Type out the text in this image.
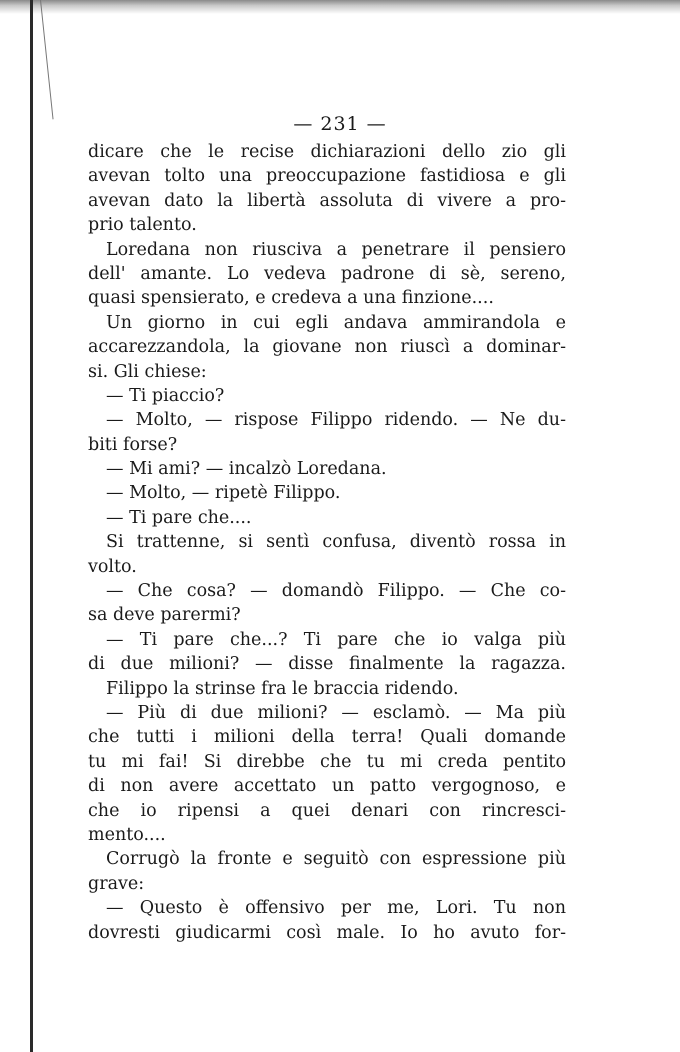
— 231 —
dicare che le recise dichiarazioni dello zio gli
avevan tolto una preoccupazione fastidiosa e gli
avevan dato la libertà assoluta di vivere a pro-
prio talento.
Loredana non riusciva a penetrare il pensiero
dell' amante. Lo vedeva padrone di sè, sereno,
quasi spensierato, e credeva a una finzione....
Un giorno in cui egli andava ammirandola e
accarezzandola, la giovane non riuscì a dominar-
si. Gli chiese:
— Ti piaccio?
— Molto, — rispose Filippo ridendo. — Ne du-
biti forse?
— Mi ami? — incalzò Loredana.
— Molto, — ripetè Filippo.
— Ti pare che....
Si trattenne, si sentì confusa, diventò rossa in
volto.
— Che cosa? — domandò Filippo. — Che co-
sa deve parermi?
— Ti pare che...? Ti pare che io valga più
di due milioni? — disse finalmente la ragazza.
Filippo la strinse fra le braccia ridendo.
— Più di due milioni? — esclamò. — Ma più
che tutti i milioni della terra! Quali domande
tu mi fai! Si direbbe che tu mi creda pentito
di non avere accettato un patto vergognoso, e
che io ripensi a quei denari con rincresci-
mento....
Corrugò la fronte e seguitò con espressione più
grave:
— Questo è offensivo per me, Lori. Tu non
dovresti giudicarmi così male. Io ho avuto for-
